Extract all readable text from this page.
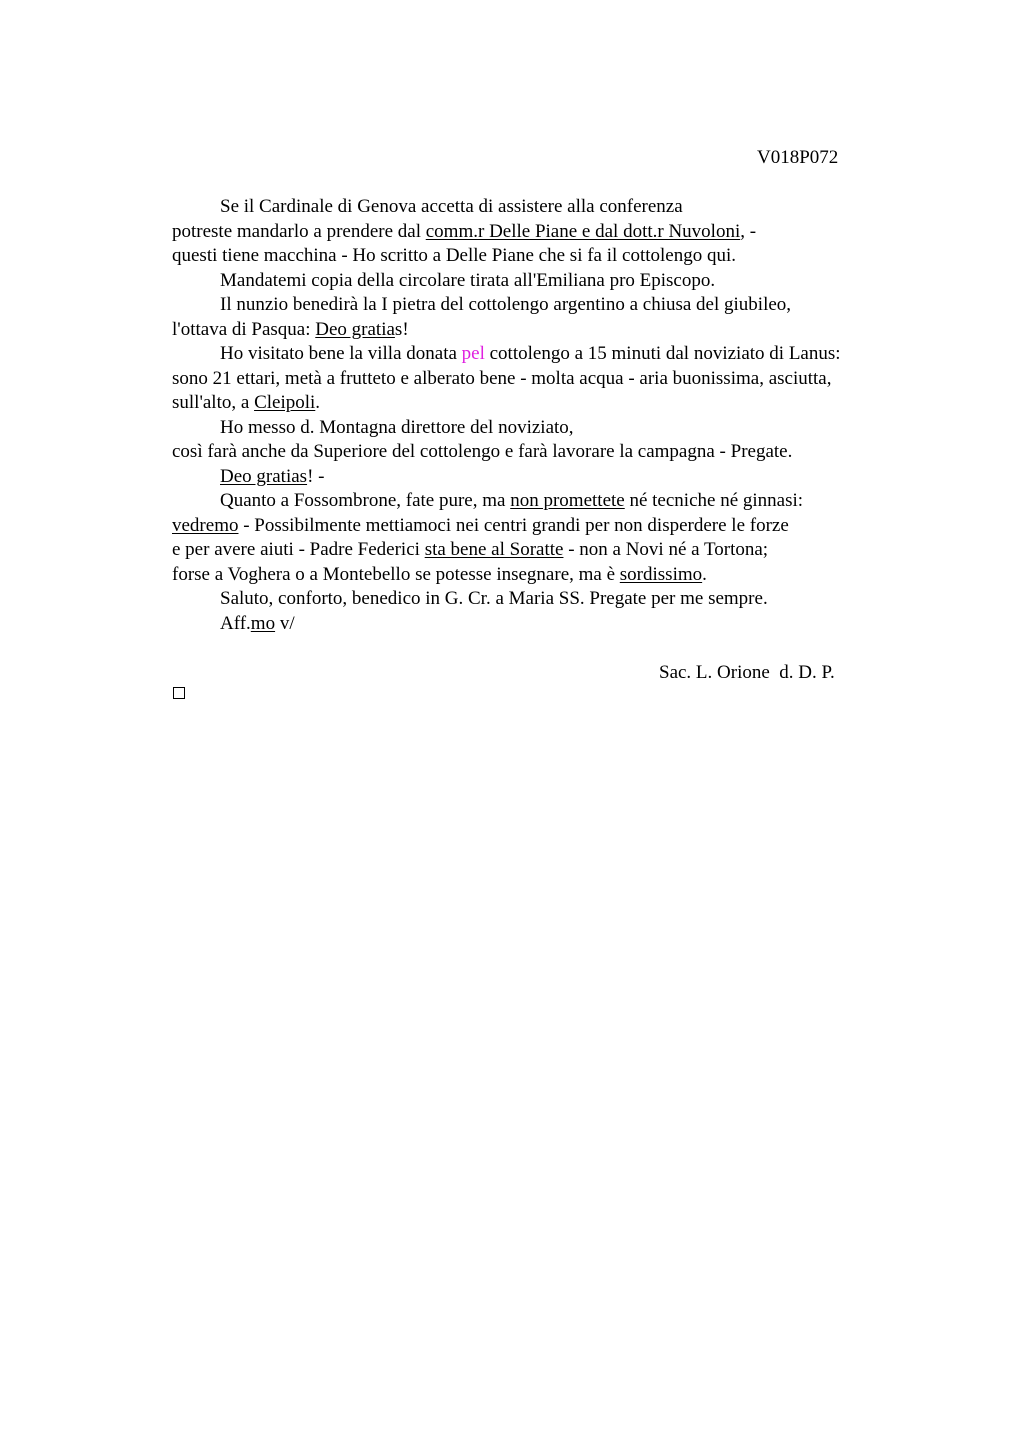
V018P072
Se il Cardinale di Genova accetta di assistere alla conferenza
potreste mandarlo a prendere dal comm.r Delle Piane e dal dott.r Nuvoloni, -
questi tiene macchina - Ho scritto a Delle Piane che si fa il cottolengo qui.
Mandatemi copia della circolare tirata all'Emiliana pro Episcopo.
Il nunzio benedirà la I pietra del cottolengo argentino a chiusa del giubileo,
l'ottava di Pasqua: Deo gratias!
Ho visitato bene la villa donata pel cottolengo a 15 minuti dal noviziato di Lanus:
sono 21 ettari, metà a frutteto e alberato bene - molta acqua - aria buonissima, asciutta,
sull'alto, a Cleipoli.
Ho messo d. Montagna direttore del noviziato,
così farà anche da Superiore del cottolengo e farà lavorare la campagna - Pregate.
Deo gratias! -
Quanto a Fossombrone, fate pure, ma non promettete né tecniche né ginnasi:
vedremo - Possibilmente mettiamoci nei centri grandi per non disperdere le forze
e per avere aiuti - Padre Federici sta bene al Soratte - non a Novi né a Tortona;
forse a Voghera o a Montebello se potesse insegnare, ma è sordissimo.
Saluto, conforto, benedico in G. Cr. a Maria SS. Pregate per me sempre.
Aff.mo v/
Sac. L. Orione  d. D. P.
